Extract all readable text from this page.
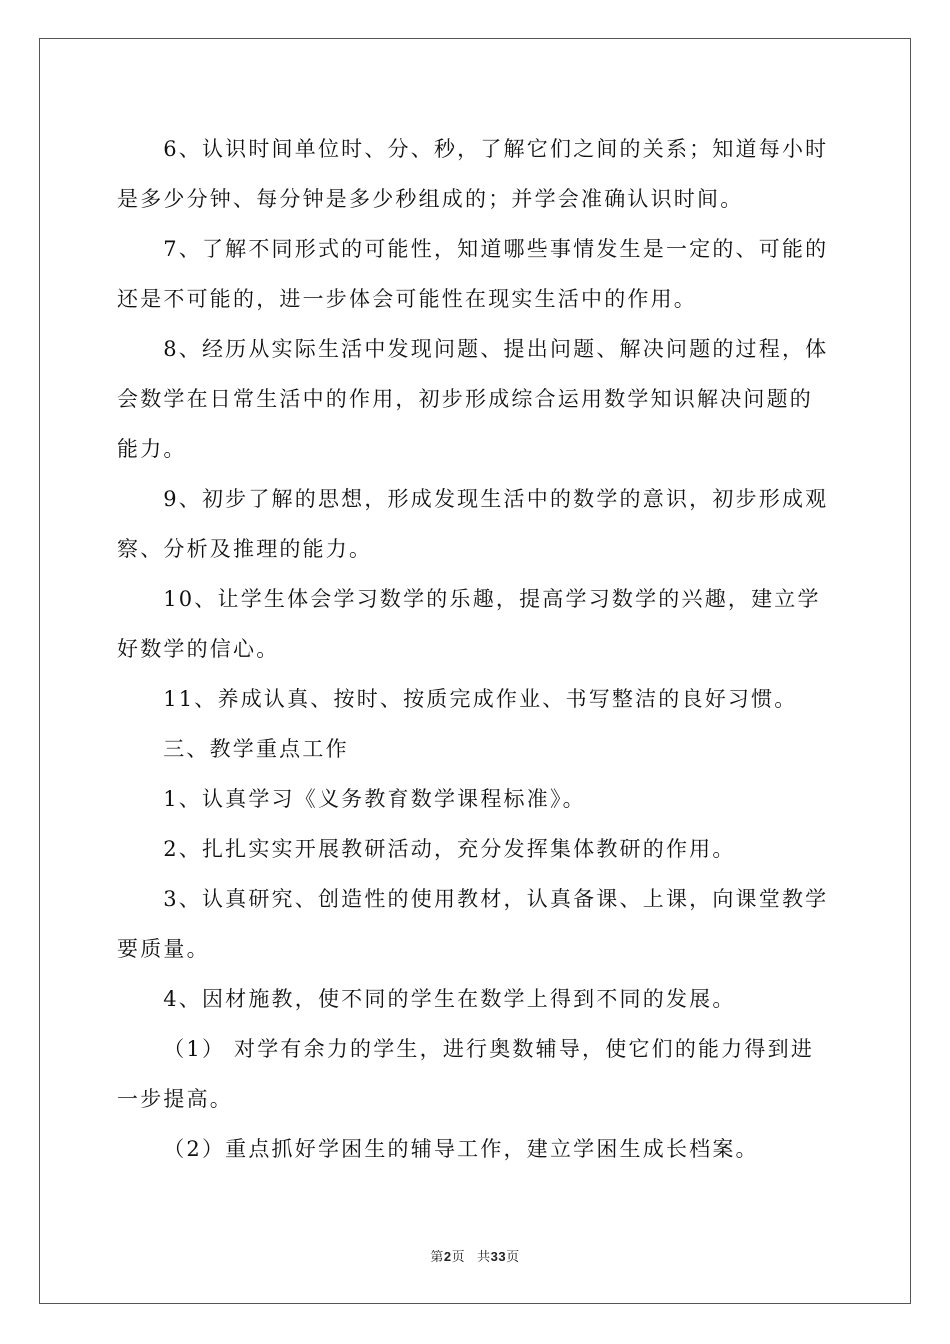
6、认识时间单位时、分、秒，了解它们之间的关系；知道每小时是多少分钟、每分钟是多少秒组成的；并学会准确认识时间。

7、了解不同形式的可能性，知道哪些事情发生是一定的、可能的还是不可能的，进一步体会可能性在现实生活中的作用。

8、经历从实际生活中发现问题、提出问题、解决问题的过程，体会数学在日常生活中的作用，初步形成综合运用数学知识解决问题的能力。

9、初步了解的思想，形成发现生活中的数学的意识，初步形成观察、分析及推理的能力。

10、让学生体会学习数学的乐趣，提高学习数学的兴趣，建立学好数学的信心。

11、养成认真、按时、按质完成作业、书写整洁的良好习惯。

三、教学重点工作

1、认真学习《义务教育数学课程标准》。

2、扎扎实实开展教研活动，充分发挥集体教研的作用。

3、认真研究、创造性的使用教材，认真备课、上课，向课堂教学要质量。

4、因材施教，使不同的学生在数学上得到不同的发展。

（1） 对学有余力的学生，进行奥数辅导，使它们的能力得到进一步提高。

（2）重点抓好学困生的辅导工作，建立学困生成长档案。

第2页 共33页
